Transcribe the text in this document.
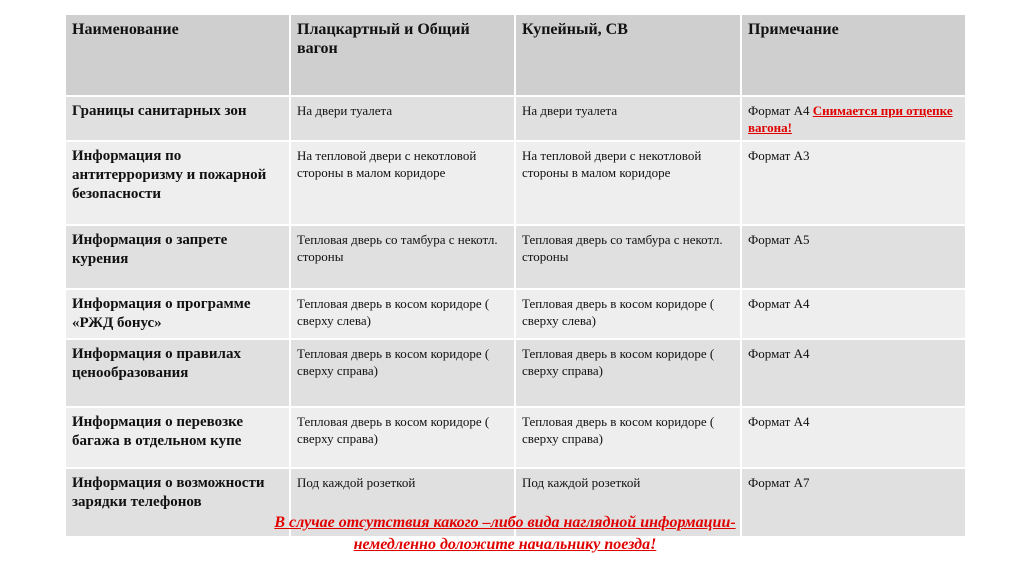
Наименование	Плацкартный и Общий вагон	Купейный, СВ	Примечание
Границы санитарных зон	На двери туалета	На двери туалета	Формат А4 Снимается при отцепке вагона!
Информация по антитерроризму и пожарной безопасности	На тепловой двери с некотловой стороны в малом коридоре	На тепловой двери с некотловой стороны в малом коридоре	Формат А3
Информация о запрете курения	Тепловая дверь со тамбура с некотл. стороны	Тепловая дверь со тамбура с некотл. стороны	Формат А5
Информация о программе «РЖД бонус»	Тепловая дверь в косом коридоре ( сверху слева)	Тепловая дверь в косом коридоре ( сверху слева)	Формат А4
Информация о правилах ценообразования	Тепловая дверь в косом коридоре ( сверху справа)	Тепловая дверь в косом коридоре ( сверху справа)	Формат А4
Информация о перевозке багажа в отдельном купе	Тепловая дверь в косом коридоре ( сверху справа)	Тепловая дверь в косом коридоре ( сверху справа)	Формат А4
Информация о возможности зарядки телефонов	Под каждой розеткой	Под каждой розеткой	Формат А7
В случае отсутствия какого –либо вида наглядной информации-
немедленно доложите начальнику поезда!
